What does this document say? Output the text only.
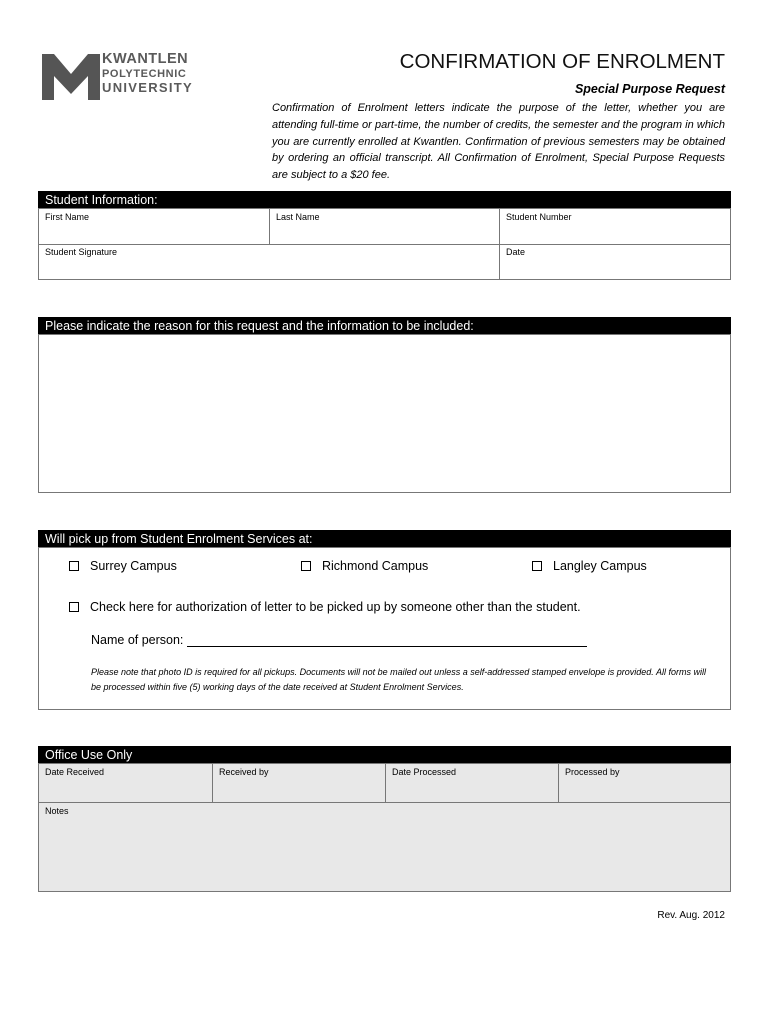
KWANTLEN
POLYTECHNIC
UNIVERSITY
CONFIRMATION OF ENROLMENT
Special Purpose Request
Confirmation of Enrolment letters indicate the purpose of the letter, whether you are attending full-time or part-time, the number of credits, the semester and the program in which you are currently enrolled at Kwantlen. Confirmation of previous semesters may be obtained by ordering an official transcript. All Confirmation of Enrolment, Special Purpose Requests are subject to a $20 fee.
Student Information:
First Name	Last Name	Student Number
Student Signature	Date
Please indicate the reason for this request and the information to be included:
Will pick up from Student Enrolment Services at:
Surrey Campus	Richmond Campus	Langley Campus
Check here for authorization of letter to be picked up by someone other than the student.
Name of person:
Please note that photo ID is required for all pickups. Documents will not be mailed out unless a self-addressed stamped envelope is provided. All forms will be processed within five (5) working days of the date received at Student Enrolment Services.
Office Use Only
Date Received	Received by	Date Processed	Processed by
Notes
Rev. Aug. 2012
